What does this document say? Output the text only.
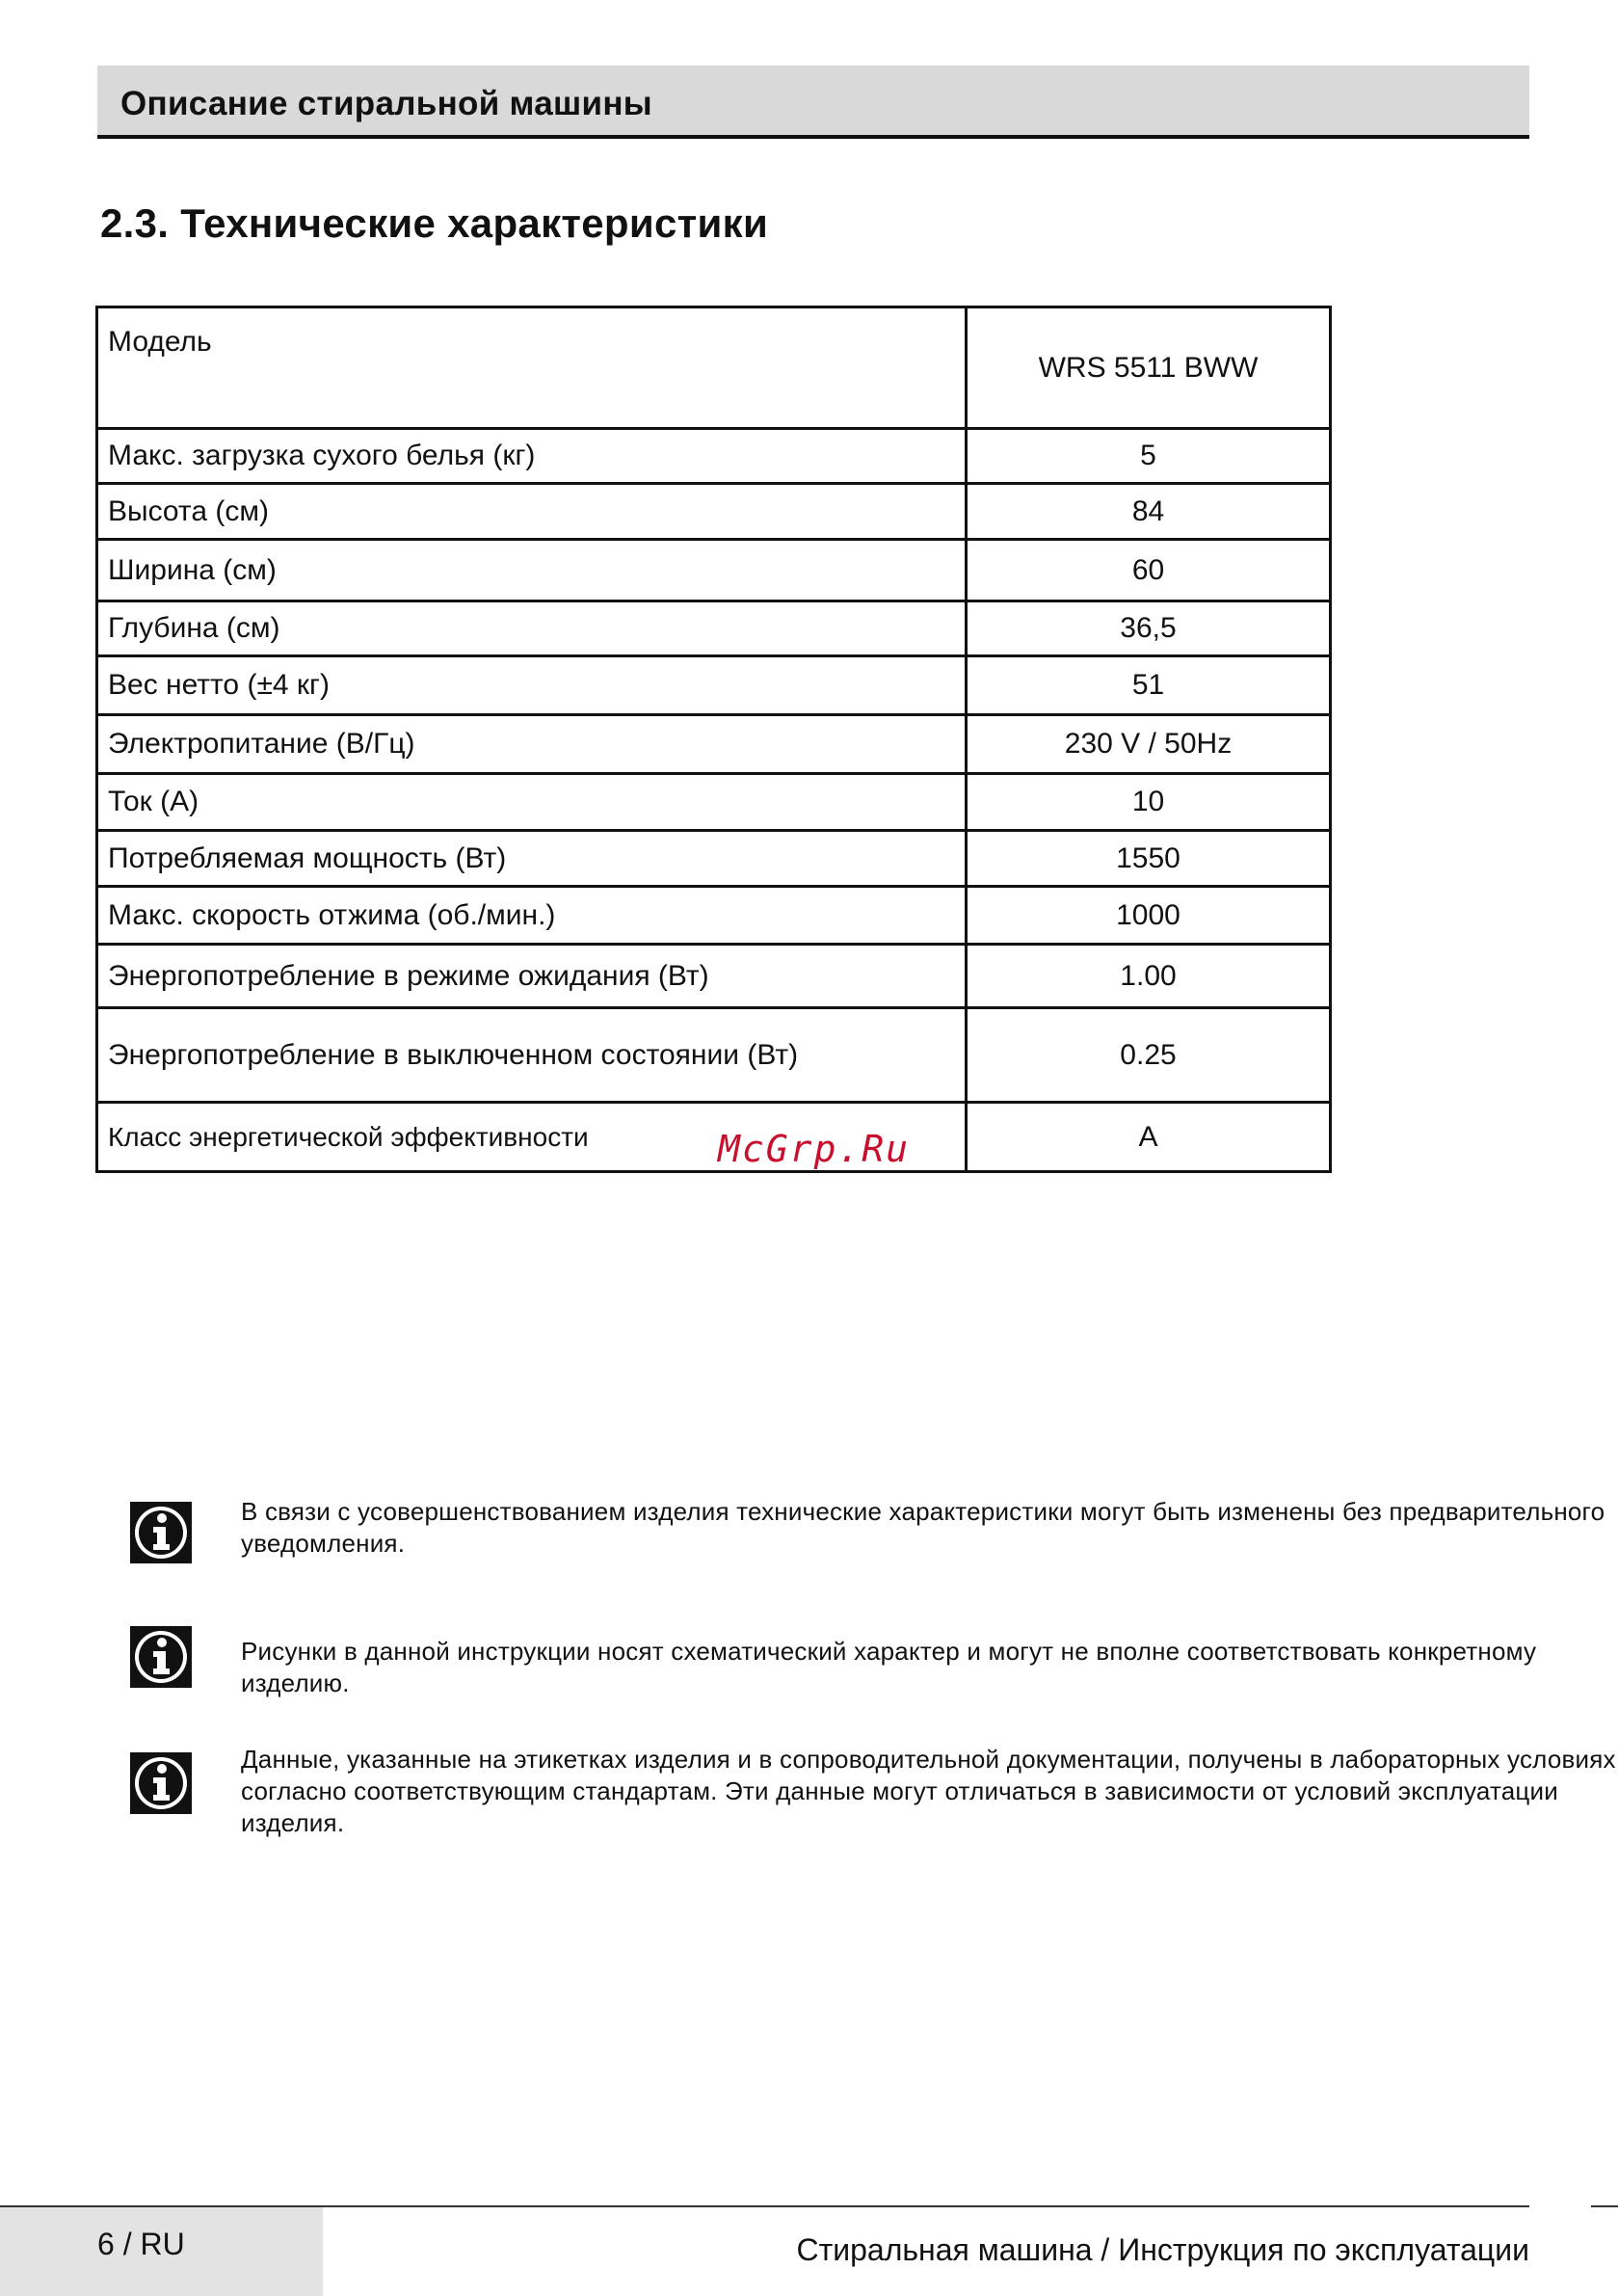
Описание стиральной машины
2.3. Технические характеристики
Модель	WRS 5511 BWW
Макс. загрузка сухого белья (кг)	5
Высота (см)	84
Ширина (см)	60
Глубина (см)	36,5
Вес нетто (±4 кг)	51
Электропитание (В/Гц)	230 V / 50Hz
Ток (A)	10
Потребляемая мощность (Вт)	1550
Макс. скорость отжима (об./мин.)	1000
Энергопотребление в режиме ожидания (Вт)	1.00
Энергопотребление в выключенном состоянии (Вт)	0.25
Класс энергетической эффективности	A
McGrp.Ru
В связи с усовершенствованием изделия технические характеристики могут быть изменены без предварительного уведомления.
Рисунки в данной инструкции носят схематический характер и могут не вполне соответствовать конкретному изделию.
Данные, указанные на этикетках изделия и в сопроводительной документации, получены в лабораторных условиях согласно соответствующим стандартам. Эти данные могут отличаться в зависимости от условий эксплуатации изделия.
6 / RU	Стиральная машина / Инструкция по эксплуатации
